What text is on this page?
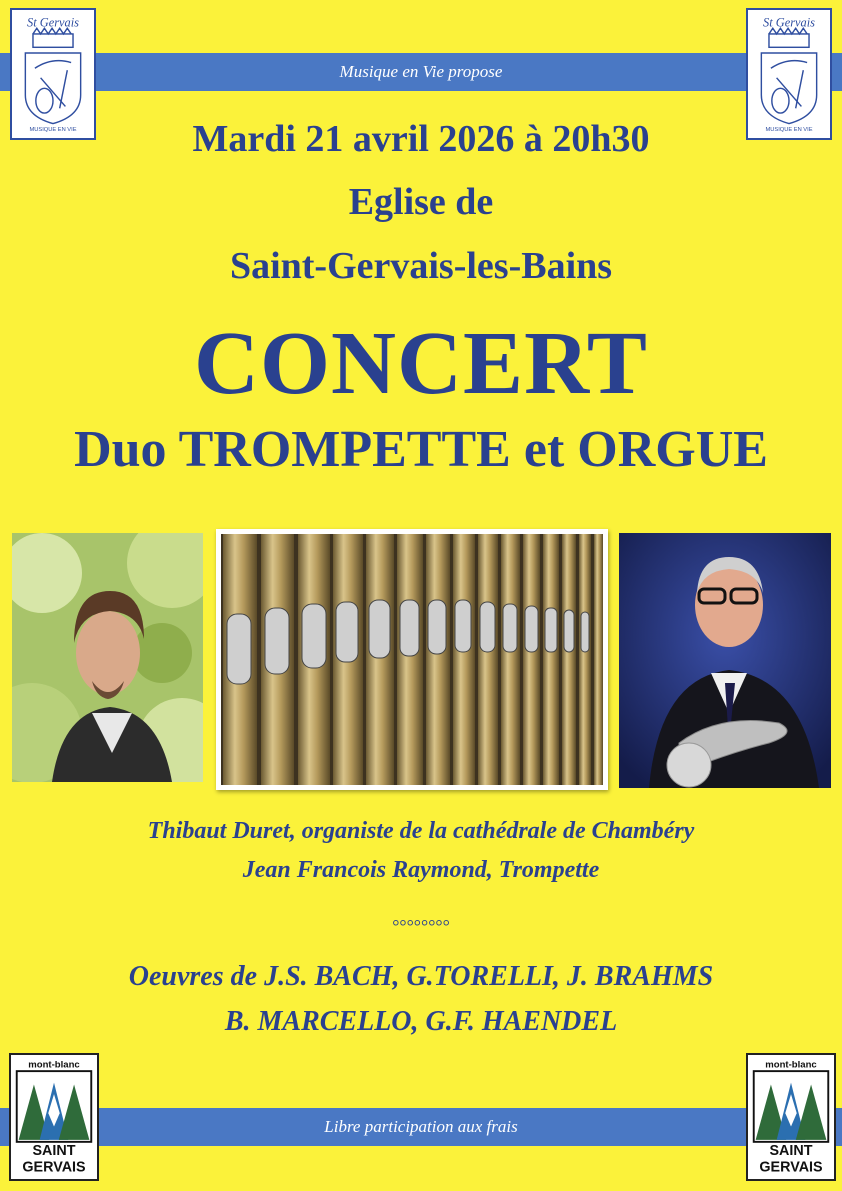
Musique en Vie propose
St Gervais
MUSIQUE EN VIE
St Gervais
MUSIQUE EN VIE
Mardi 21 avril 2026 à 20h30
Eglise de
Saint-Gervais-les-Bains
CONCERT
Duo TROMPETTE et ORGUE
Thibaut Duret, organiste de la cathédrale de Chambéry
Jean Francois Raymond, Trompette
°°°°°°°°
Oeuvres de J.S. BACH, G.TORELLI, J. BRAHMS
B. MARCELLO, G.F. HAENDEL
Libre participation aux frais
mont-blanc
SAINT
GERVAIS
mont-blanc
SAINT
GERVAIS
